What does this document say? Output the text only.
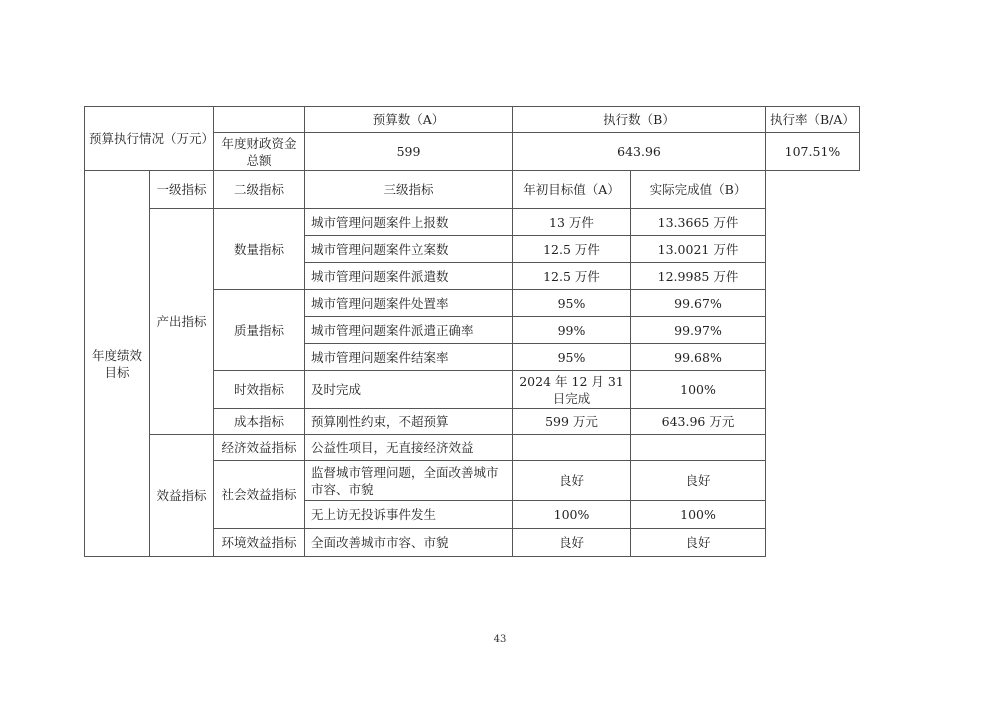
预算执行情况（万元）			预算数（A）	执行数（B）		执行率（B/A）
		年度财政资金总额	599	643.96		107.51%
年度绩效目标	一级指标	二级指标	三级指标	年初目标值（A）	实际完成值（B）	
	产出指标	数量指标	城市管理问题案件上报数	13 万件	13.3665 万件	
			城市管理问题案件立案数	12.5 万件	13.0021 万件	
			城市管理问题案件派遣数	12.5 万件	12.9985 万件	
		质量指标	城市管理问题案件处置率	95%	99.67%	
			城市管理问题案件派遣正确率	99%	99.97%	
			城市管理问题案件结案率	95%	99.68%	
		时效指标	及时完成	2024 年 12 月 31 日完成	100%	
		成本指标	预算刚性约束，不超预算	599 万元	643.96 万元	
	效益指标	经济效益指标	公益性项目，无直接经济效益			
		社会效益指标	监督城市管理问题，全面改善城市市容、市貌	良好	良好	
			无上访无投诉事件发生	100%	100%	
		环境效益指标	全面改善城市市容、市貌	良好	良好	
43
